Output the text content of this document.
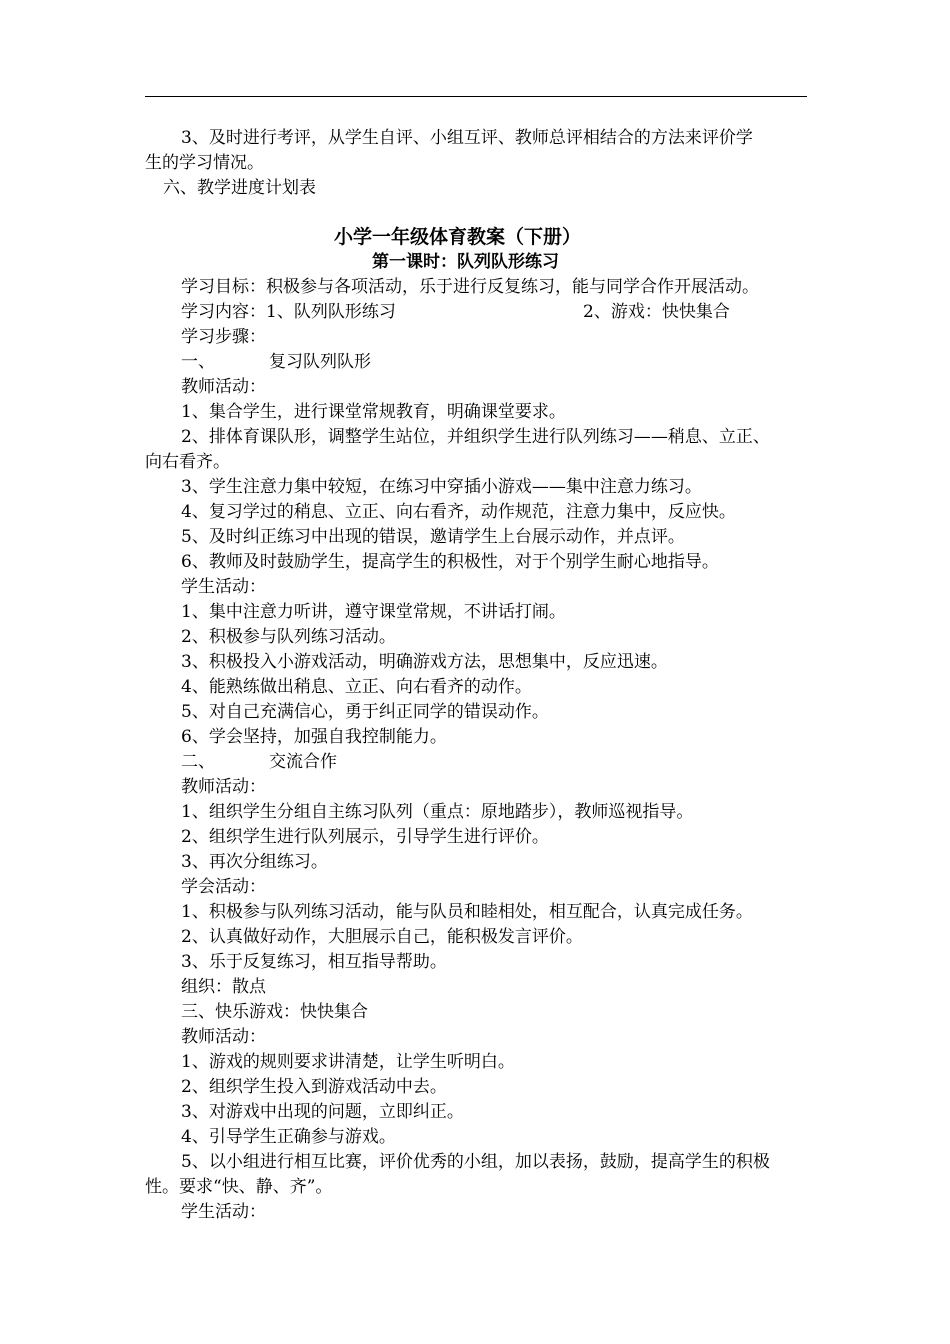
3、及时进行考评，从学生自评、小组互评、教师总评相结合的方法来评价学
生的学习情况。
六、教学进度计划表
小学一年级体育教案（下册）
第一课时：队列队形练习
学习目标：积极参与各项活动，乐于进行反复练习，能与同学合作开展活动。
学习内容：1、队列队形练习	2、游戏：快快集合
学习步骤：
一、	复习队列队形
教师活动：
1、集合学生，进行课堂常规教育，明确课堂要求。
2、排体育课队形，调整学生站位，并组织学生进行队列练习——稍息、立正、
向右看齐。
3、学生注意力集中较短，在练习中穿插小游戏——集中注意力练习。
4、复习学过的稍息、立正、向右看齐，动作规范，注意力集中，反应快。
5、及时纠正练习中出现的错误，邀请学生上台展示动作，并点评。
6、教师及时鼓励学生，提高学生的积极性，对于个别学生耐心地指导。
学生活动：
1、集中注意力听讲，遵守课堂常规，不讲话打闹。
2、积极参与队列练习活动。
3、积极投入小游戏活动，明确游戏方法，思想集中，反应迅速。
4、能熟练做出稍息、立正、向右看齐的动作。
5、对自己充满信心，勇于纠正同学的错误动作。
6、学会坚持，加强自我控制能力。
二、	交流合作
教师活动：
1、组织学生分组自主练习队列（重点：原地踏步），教师巡视指导。
2、组织学生进行队列展示，引导学生进行评价。
3、再次分组练习。
学会活动：
1、积极参与队列练习活动，能与队员和睦相处，相互配合，认真完成任务。
2、认真做好动作，大胆展示自己，能积极发言评价。
3、乐于反复练习，相互指导帮助。
组织：散点
三、快乐游戏：快快集合
教师活动：
1、游戏的规则要求讲清楚，让学生听明白。
2、组织学生投入到游戏活动中去。
3、对游戏中出现的问题，立即纠正。
4、引导学生正确参与游戏。
5、以小组进行相互比赛，评价优秀的小组，加以表扬，鼓励，提高学生的积极
性。要求“快、静、齐”。
学生活动：
